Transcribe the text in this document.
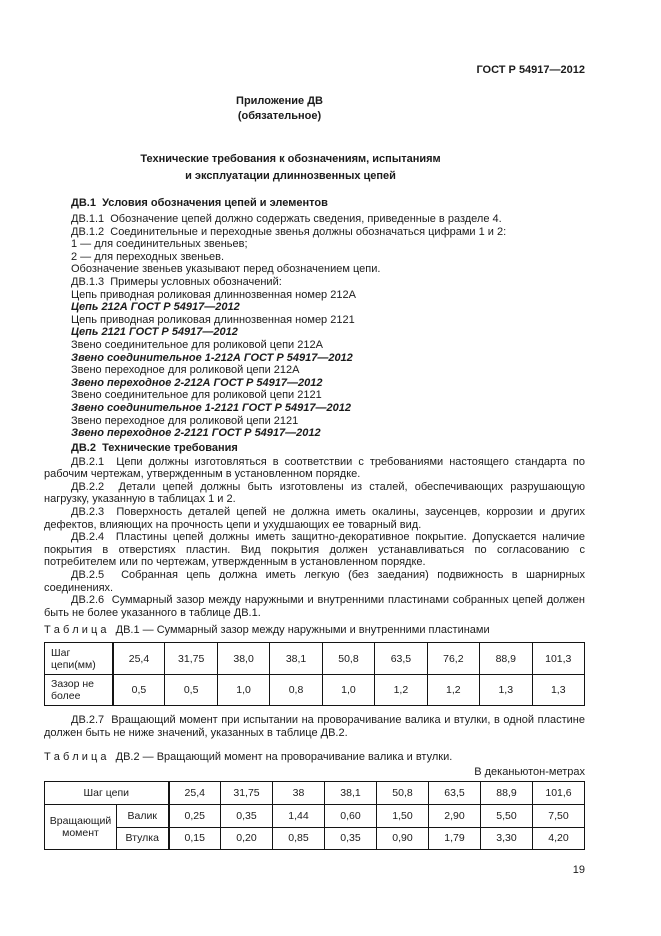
ГОСТ Р 54917—2012
Приложение ДВ
(обязательное)
Технические требования к обозначениям, испытаниям
и эксплуатации длиннозвенных цепей
ДВ.1  Условия обозначения цепей и элементов
ДВ.1.1  Обозначение цепей должно содержать сведения, приведенные в разделе 4.
ДВ.1.2  Соединительные и переходные звенья должны обозначаться цифрами 1 и 2:
1 — для соединительных звеньев;
2 — для переходных звеньев.
Обозначение звеньев указывают перед обозначением цепи.
ДВ.1.3  Примеры условных обозначений:
Цепь приводная роликовая длиннозвенная номер 212А
Цепь 212А ГОСТ Р 54917—2012
Цепь приводная роликовая длиннозвенная номер 2121
Цепь 2121 ГОСТ Р 54917—2012
Звено соединительное для роликовой цепи 212А
Звено соединительное 1-212А ГОСТ Р 54917—2012
Звено переходное для роликовой цепи 212А
Звено переходное 2-212А ГОСТ Р 54917—2012
Звено соединительное для роликовой цепи 2121
Звено соединительное 1-2121 ГОСТ Р 54917—2012
Звено переходное для роликовой цепи 2121
Звено переходное 2-2121 ГОСТ Р 54917—2012
ДВ.2  Технические требования
ДВ.2.1  Цепи должны изготовляться в соответствии с требованиями настоящего стандарта по рабочим чертежам, утвержденным в установленном порядке.
ДВ.2.2  Детали цепей должны быть изготовлены из сталей, обеспечивающих разрушающую нагрузку, указанную в таблицах 1 и 2.
ДВ.2.3  Поверхность деталей цепей не должна иметь окалины, заусенцев, коррозии и других дефектов, влияющих на прочность цепи и ухудшающих ее товарный вид.
ДВ.2.4  Пластины цепей должны иметь защитно-декоративное покрытие. Допускается наличие покрытия в отверстиях пластин. Вид покрытия должен устанавливаться по согласованию с потребителем или по чертежам, утвержденным в установленном порядке.
ДВ.2.5  Собранная цепь должна иметь легкую (без заедания) подвижность в шарнирных соединениях.
ДВ.2.6  Суммарный зазор между наружными и внутренними пластинами собранных цепей должен быть не более указанного в таблице ДВ.1.
Т а б л и ц а   ДВ.1 — Суммарный зазор между наружными и внутренними пластинами
Шаг цепи(мм)	25,4	31,75	38,0	38,1	50,8	63,5	76,2	88,9	101,3
Зазор не более	0,5	0,5	1,0	0,8	1,0	1,2	1,2	1,3	1,3
ДВ.2.7  Вращающий момент при испытании на проворачивание валика и втулки, в одной пластине должен быть не ниже значений, указанных в таблице ДВ.2.
Т а б л и ц а   ДВ.2 — Вращающий момент на проворачивание валика и втулки.
В деканьютон-метрах
Шаг цепи		25,4	31,75	38	38,1	50,8	63,5	88,9	101,6
Вращающий момент	Валик	0,25	0,35	1,44	0,60	1,50	2,90	5,50	7,50
	Втулка	0,15	0,20	0,85	0,35	0,90	1,79	3,30	4,20
19
